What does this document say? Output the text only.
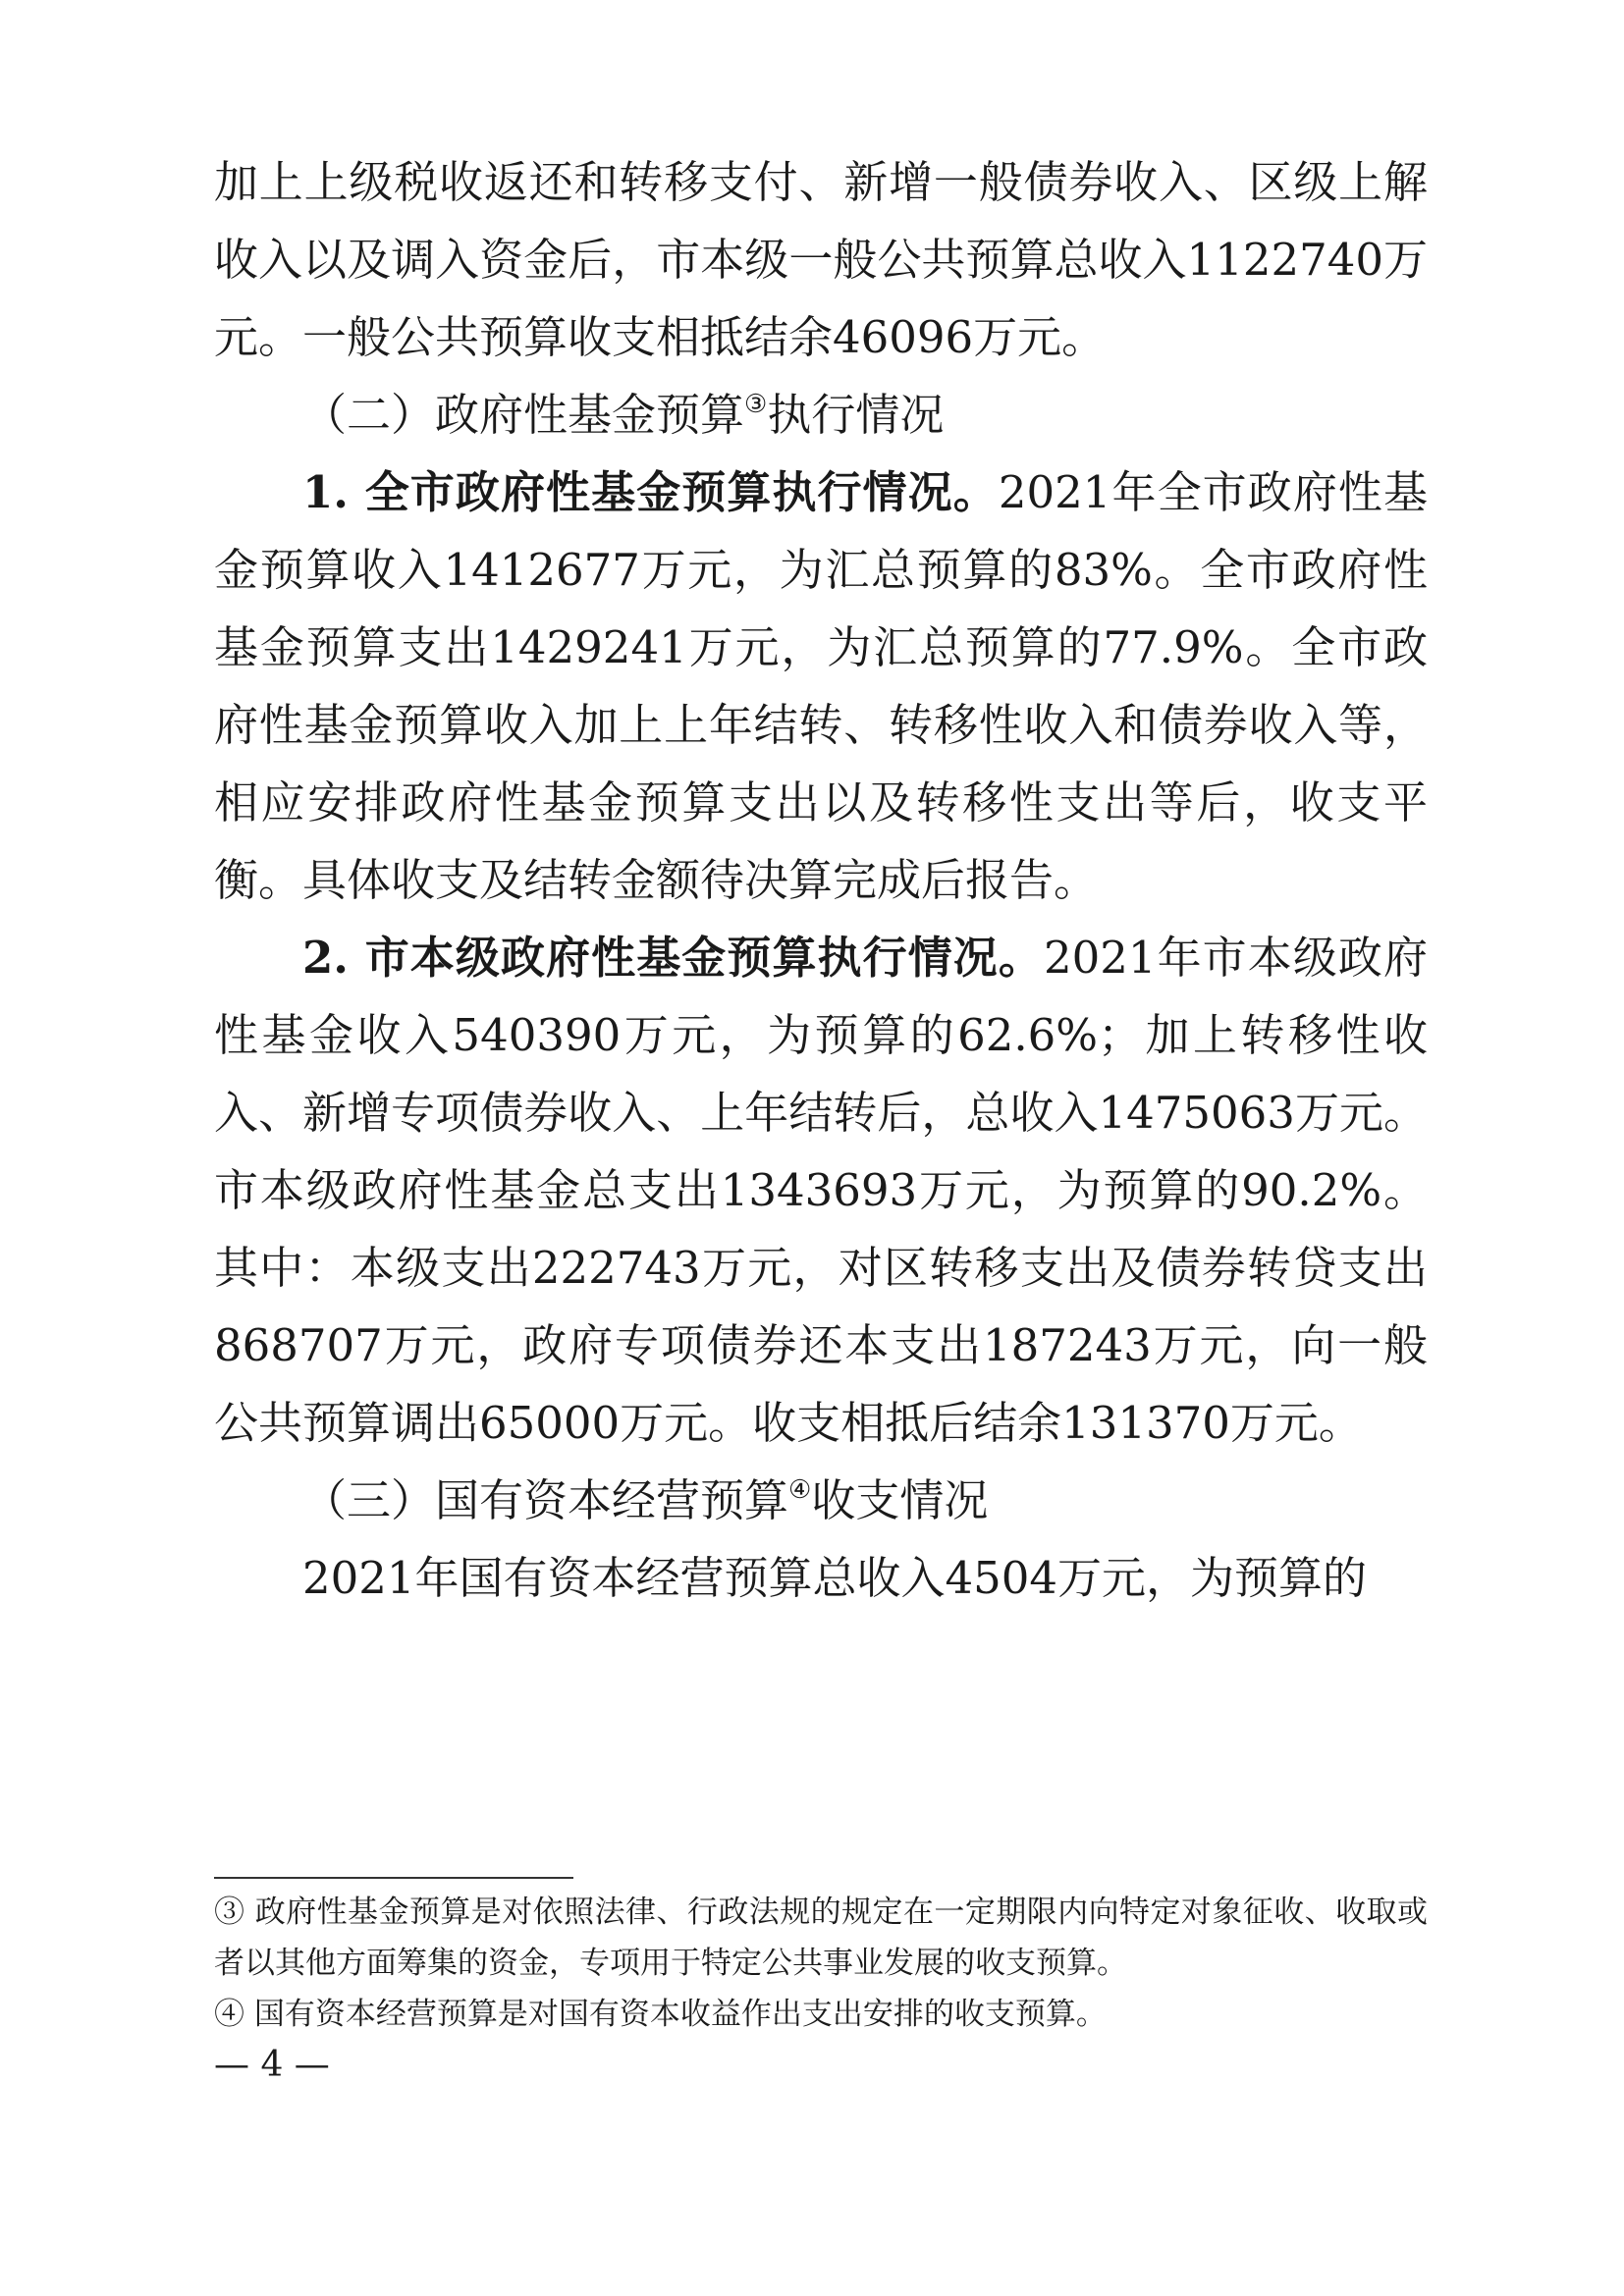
加上上级税收返还和转移支付、新增一般债券收入、区级上解收入以及调入资金后，市本级一般公共预算总收入1122740万元。一般公共预算收支相抵结余46096万元。

（二）政府性基金预算③执行情况

1. 全市政府性基金预算执行情况。2021年全市政府性基金预算收入1412677万元，为汇总预算的83%。全市政府性基金预算支出1429241万元，为汇总预算的77.9%。全市政府性基金预算收入加上上年结转、转移性收入和债券收入等，相应安排政府性基金预算支出以及转移性支出等后，收支平衡。具体收支及结转金额待决算完成后报告。

2. 市本级政府性基金预算执行情况。2021年市本级政府性基金收入540390万元，为预算的62.6%；加上转移性收入、新增专项债券收入、上年结转后，总收入1475063万元。市本级政府性基金总支出1343693万元，为预算的90.2%。其中：本级支出222743万元，对区转移支出及债券转贷支出868707万元，政府专项债券还本支出187243万元，向一般公共预算调出65000万元。收支相抵后结余131370万元。

（三）国有资本经营预算④收支情况

2021年国有资本经营预算总收入4504万元，为预算的

③ 政府性基金预算是对依照法律、行政法规的规定在一定期限内向特定对象征收、收取或者以其他方面筹集的资金，专项用于特定公共事业发展的收支预算。

④ 国有资本经营预算是对国有资本收益作出支出安排的收支预算。

— 4 —
